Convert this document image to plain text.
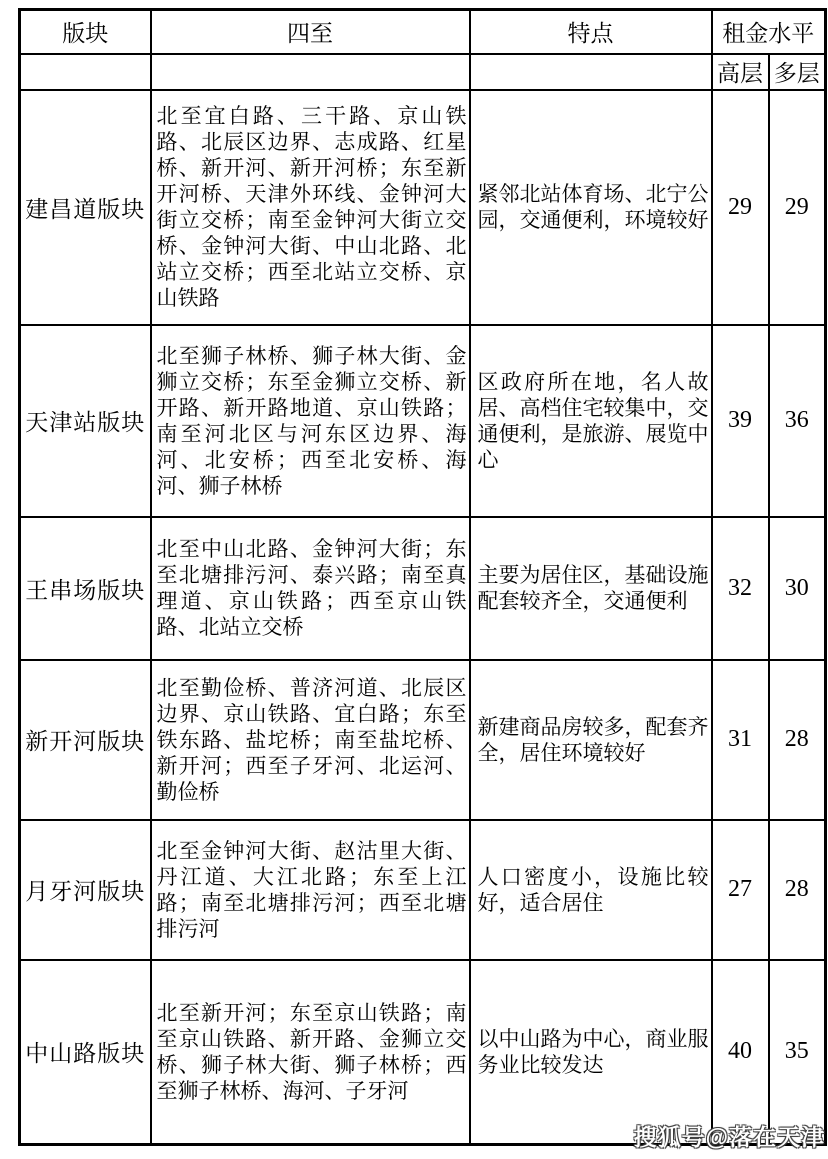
版块	四至	特点	租金水平	
			高层	多层
建昌道版块	北至宜白路、三干路、京山铁路、北辰区边界、志成路、红星桥、新开河、新开河桥；东至新开河桥、天津外环线、金钟河大街立交桥；南至金钟河大街立交桥、金钟河大街、中山北路、北站立交桥；西至北站立交桥、京山铁路	紧邻北站体育场、北宁公园，交通便利，环境较好	29	29
天津站版块	北至狮子林桥、狮子林大街、金狮立交桥；东至金狮立交桥、新开路、新开路地道、京山铁路；南至河北区与河东区边界、海河、北安桥；西至北安桥、海河、狮子林桥	区政府所在地，名人故居、高档住宅较集中，交通便利，是旅游、展览中心	39	36
王串场版块	北至中山北路、金钟河大街；东至北塘排污河、泰兴路；南至真理道、京山铁路；西至京山铁路、北站立交桥	主要为居住区，基础设施配套较齐全，交通便利	32	30
新开河版块	北至勤俭桥、普济河道、北辰区边界、京山铁路、宜白路；东至铁东路、盐坨桥；南至盐坨桥、新开河；西至子牙河、北运河、勤俭桥	新建商品房较多，配套齐全，居住环境较好	31	28
月牙河版块	北至金钟河大街、赵沽里大街、丹江道、大江北路；东至上江路；南至北塘排污河；西至北塘排污河	人口密度小，设施比较好，适合居住	27	28
中山路版块	北至新开河；东至京山铁路；南至京山铁路、新开路、金狮立交桥、狮子林大街、狮子林桥；西至狮子林桥、海河、子牙河	以中山路为中心，商业服务业比较发达	40	35
搜狐号@落在天津
